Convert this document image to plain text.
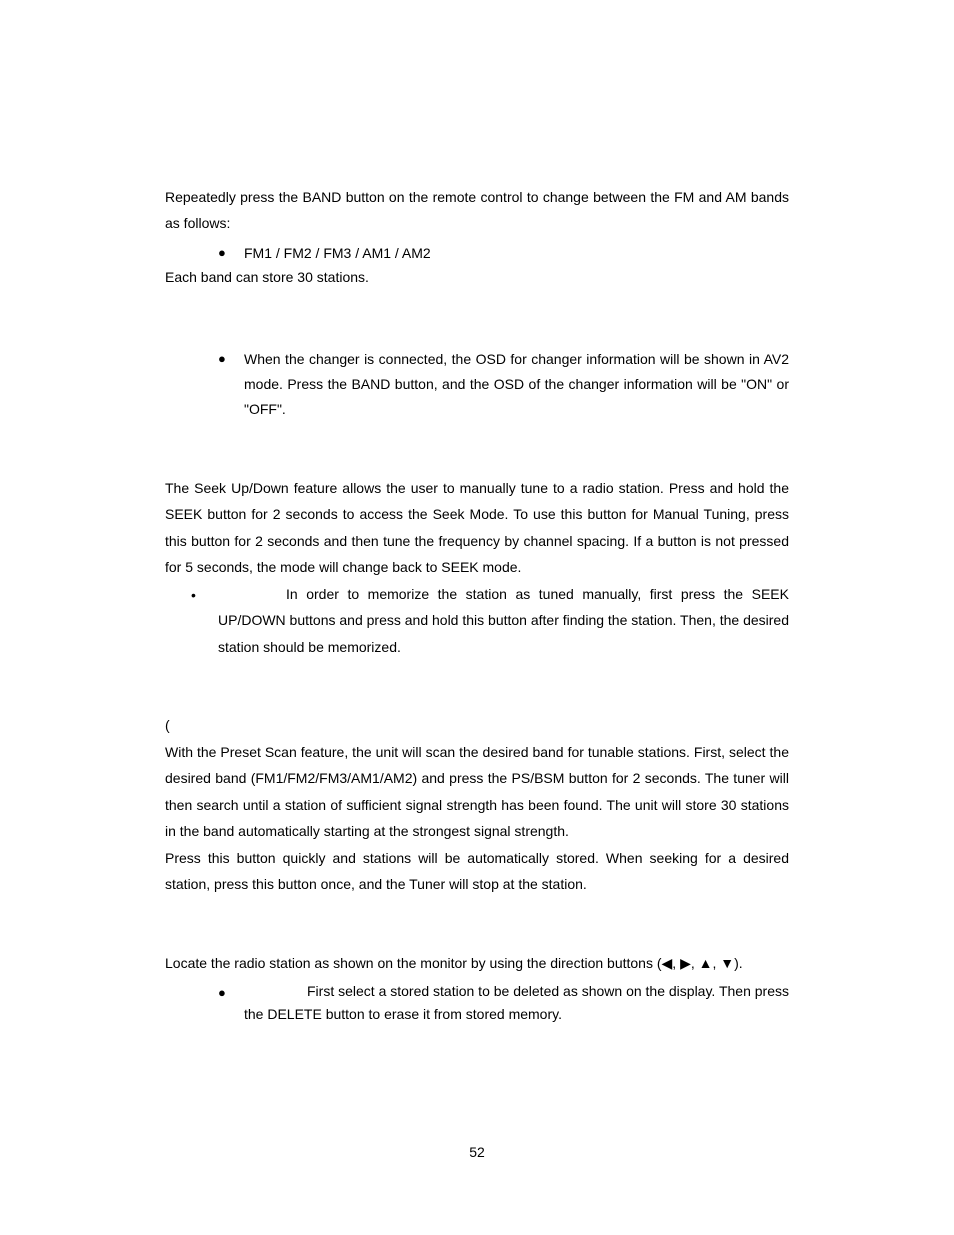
Repeatedly press the BAND button on the remote control to change between the FM and AM bands as follows:
● FM1 / FM2 / FM3 / AM1 / AM2
Each band can store 30 stations.
● When the changer is connected, the OSD for changer information will be shown in AV2 mode. Press the BAND button, and the OSD of the changer information will be "ON" or "OFF".
The Seek Up/Down feature allows the user to manually tune to a radio station. Press and hold the SEEK button for 2 seconds to access the Seek Mode. To use this button for Manual Tuning, press this button for 2 seconds and then tune the frequency by channel spacing. If a button is not pressed for 5 seconds, the mode will change back to SEEK mode.
•	In order to memorize the station as tuned manually, first press the SEEK UP/DOWN buttons and press and hold this button after finding the station. Then, the desired station should be memorized.
(
With the Preset Scan feature, the unit will scan the desired band for tunable stations. First, select the desired band (FM1/FM2/FM3/AM1/AM2) and press the PS/BSM button for 2 seconds. The tuner will then search until a station of sufficient signal strength has been found. The unit will store 30 stations in the band automatically starting at the strongest signal strength.
Press this button quickly and stations will be automatically stored. When seeking for a desired station, press this button once, and the Tuner will stop at the station.
Locate the radio station as shown on the monitor by using the direction buttons (◀, ▶, ▲, ▼).
●	First select a stored station to be deleted as shown on the display. Then press the DELETE button to erase it from stored memory.
52
